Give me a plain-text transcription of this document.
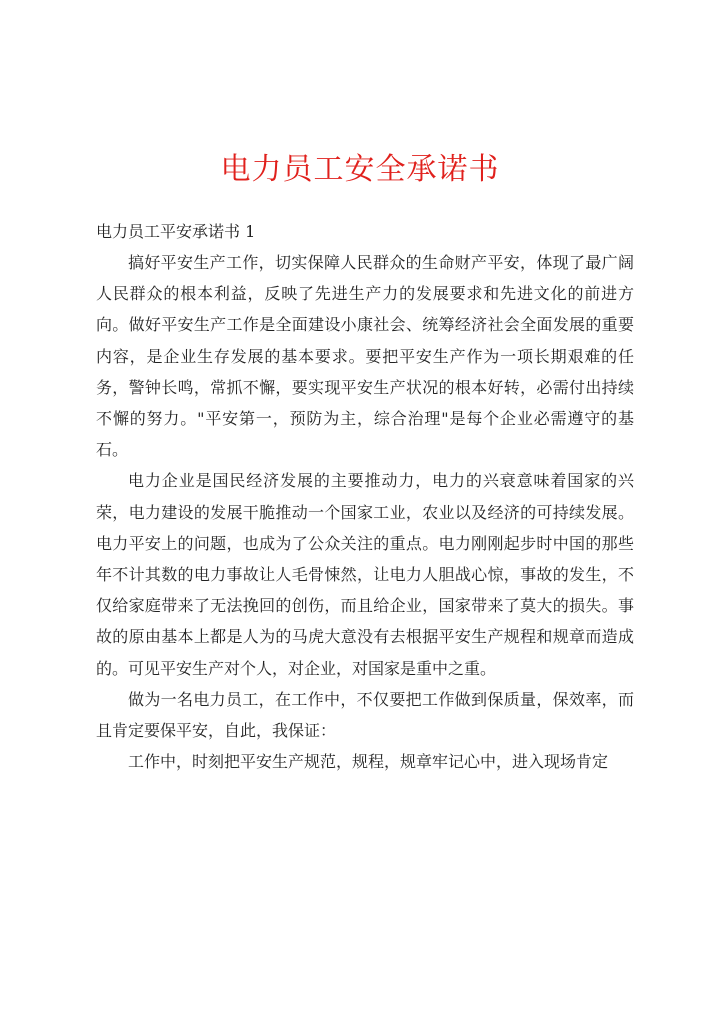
电力员工安全承诺书

电力员工平安承诺书 1

搞好平安生产工作，切实保障人民群众的生命财产平安，体现了最广阔人民群众的根本利益，反映了先进生产力的发展要求和先进文化的前进方向。做好平安生产工作是全面建设小康社会、统筹经济社会全面发展的重要内容，是企业生存发展的基本要求。要把平安生产作为一项长期艰难的任务，警钟长鸣，常抓不懈，要实现平安生产状况的根本好转，必需付出持续不懈的努力。"平安第一，预防为主，综合治理"是每个企业必需遵守的基石。

电力企业是国民经济发展的主要推动力，电力的兴衰意味着国家的兴荣，电力建设的发展干脆推动一个国家工业，农业以及经济的可持续发展。电力平安上的问题，也成为了公众关注的重点。电力刚刚起步时中国的那些年不计其数的电力事故让人毛骨悚然，让电力人胆战心惊，事故的发生，不仅给家庭带来了无法挽回的创伤，而且给企业，国家带来了莫大的损失。事故的原由基本上都是人为的马虎大意没有去根据平安生产规程和规章而造成的。可见平安生产对个人，对企业，对国家是重中之重。

做为一名电力员工，在工作中，不仅要把工作做到保质量，保效率，而且肯定要保平安，自此，我保证：

工作中，时刻把平安生产规范，规程，规章牢记心中，进入现场肯定
